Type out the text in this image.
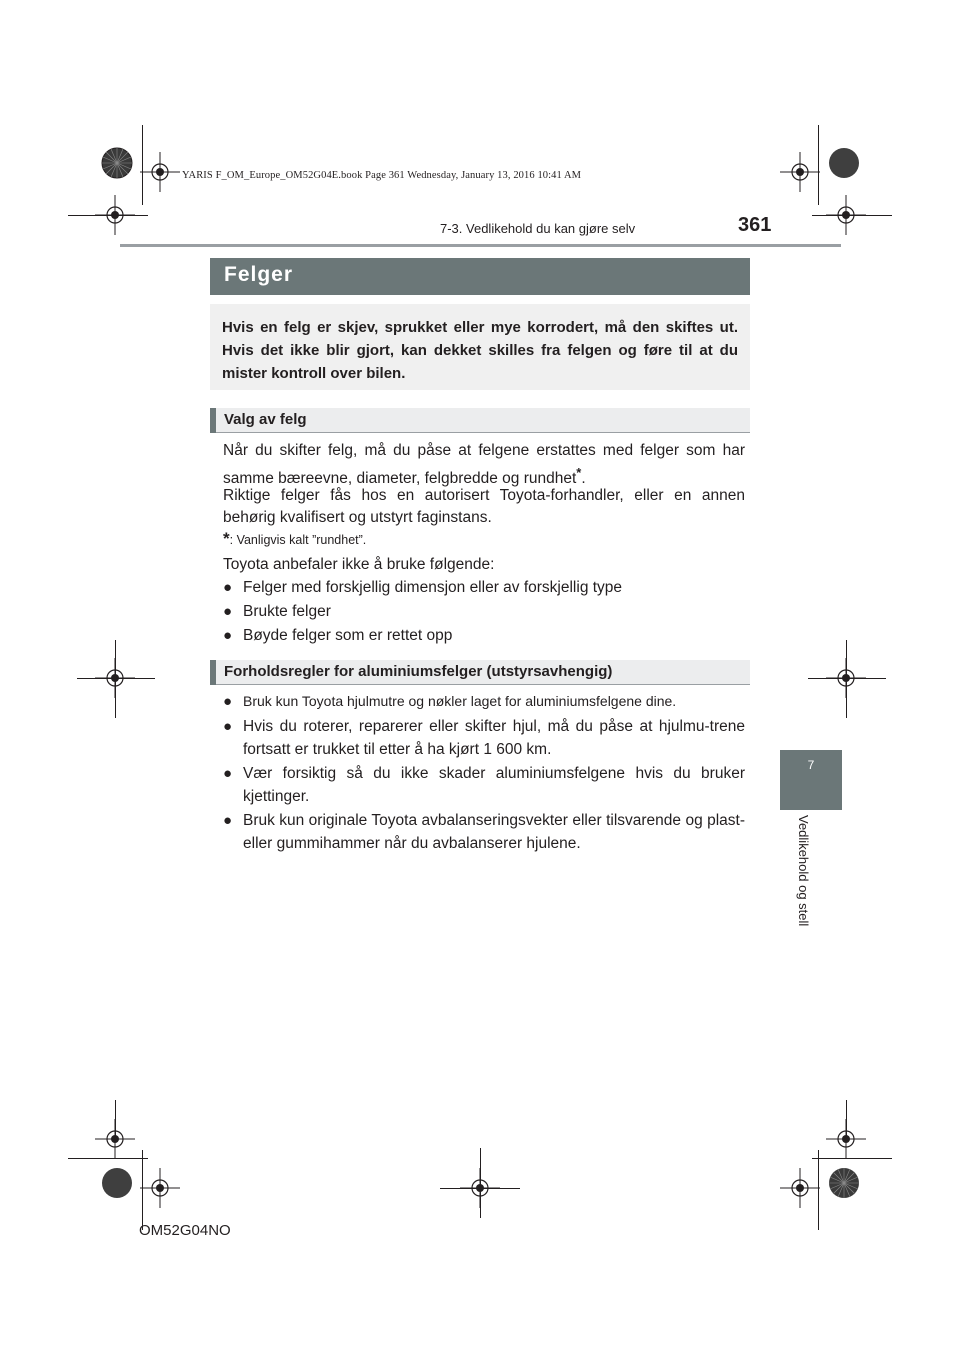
YARIS F_OM_Europe_OM52G04E.book Page 361 Wednesday, January 13, 2016 10:41 AM
361
7-3. Vedlikehold du kan gjøre selv
7
Vedlikehold og stell
Felger

Hvis en felg er skjev, sprukket eller mye korrodert, må den skiftes ut. Hvis det ikke blir gjort, kan dekket skilles fra felgen og føre til at du mister kontroll over bilen.

Valg av felg
Når du skifter felg, må du påse at felgene erstattes med felger som har samme bæreevne, diameter, felgbredde og rundhet*.
Riktige felger fås hos en autorisert Toyota-forhandler, eller en annen behørig kvalifisert og utstyrt faginstans.
*: Vanligvis kalt ”rundhet”.
Toyota anbefaler ikke å bruke følgende:
● Felger med forskjellig dimensjon eller av forskjellig type
● Brukte felger
● Bøyde felger som er rettet opp
Forholdsregler for aluminiumsfelger (utstyrsavhengig)
● Bruk kun Toyota hjulmutre og nøkler laget for aluminiumsfelgene dine.
● Hvis du roterer, reparerer eller skifter hjul, må du påse at hjulmu-trene fortsatt er trukket til etter å ha kjørt 1 600 km.
● Vær forsiktig så du ikke skader aluminiumsfelgene hvis du bruker kjettinger.
● Bruk kun originale Toyota avbalanseringsvekter eller tilsvarende og plast- eller gummihammer når du avbalanserer hjulene.
OM52G04NO
